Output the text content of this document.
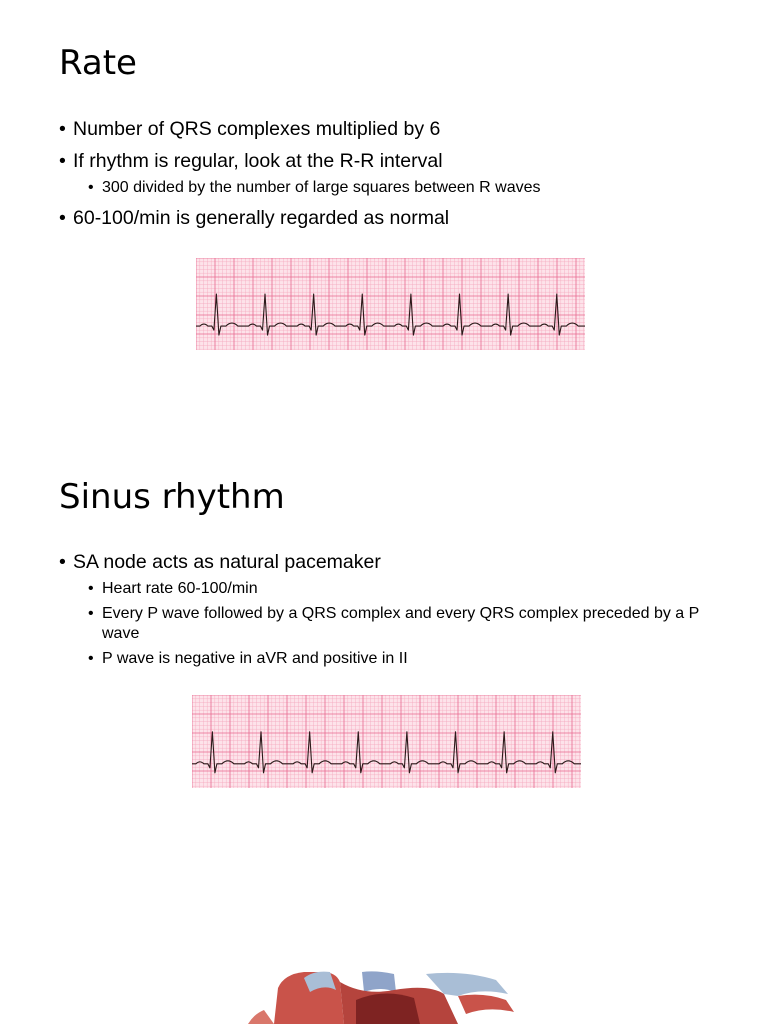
Rate
Number of QRS complexes multiplied by 6
If rhythm is regular, look at the R-R interval
• 300 divided by the number of large squares between R waves
60-100/min is generally regarded as normal
Sinus rhythm
SA node acts as natural pacemaker
• Heart rate 60-100/min
• Every P wave followed by a QRS complex and every QRS complex preceded by a P wave
• P wave is negative in aVR and positive in II
